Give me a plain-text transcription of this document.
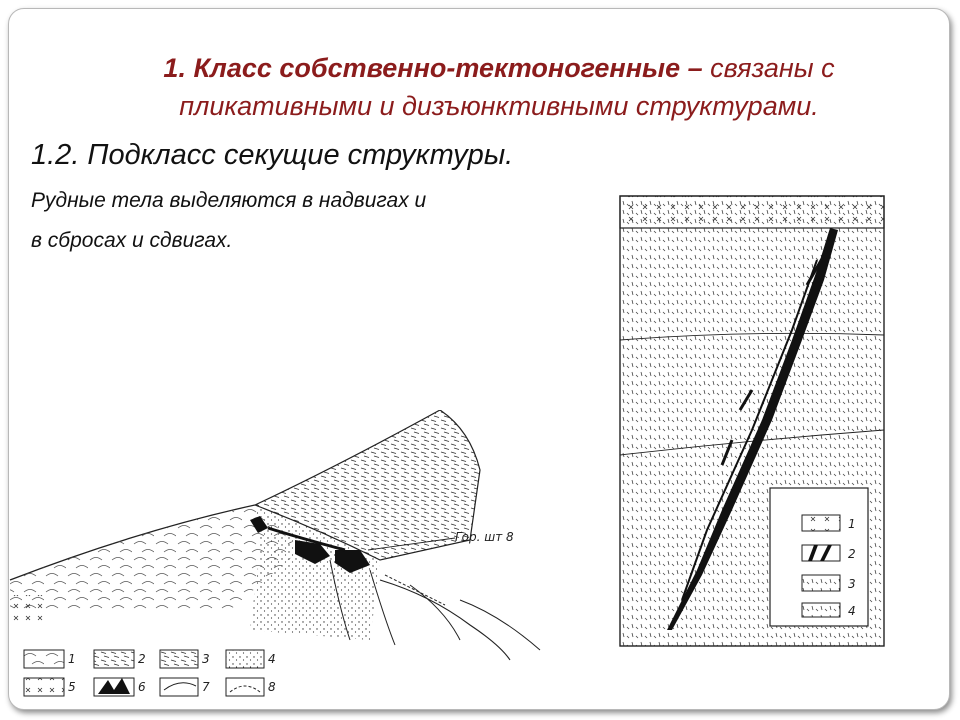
1. Класс собственно-тектоногенные – связаны с пликативными и дизъюнктивными структурами.
1.2. Подкласс секущие структуры.
Рудные тела выделяются в надвигах и
в сбросах и сдвигах.
Гор. шт 8
1	2	3	4
5	6	7	8
1
2
3
4
